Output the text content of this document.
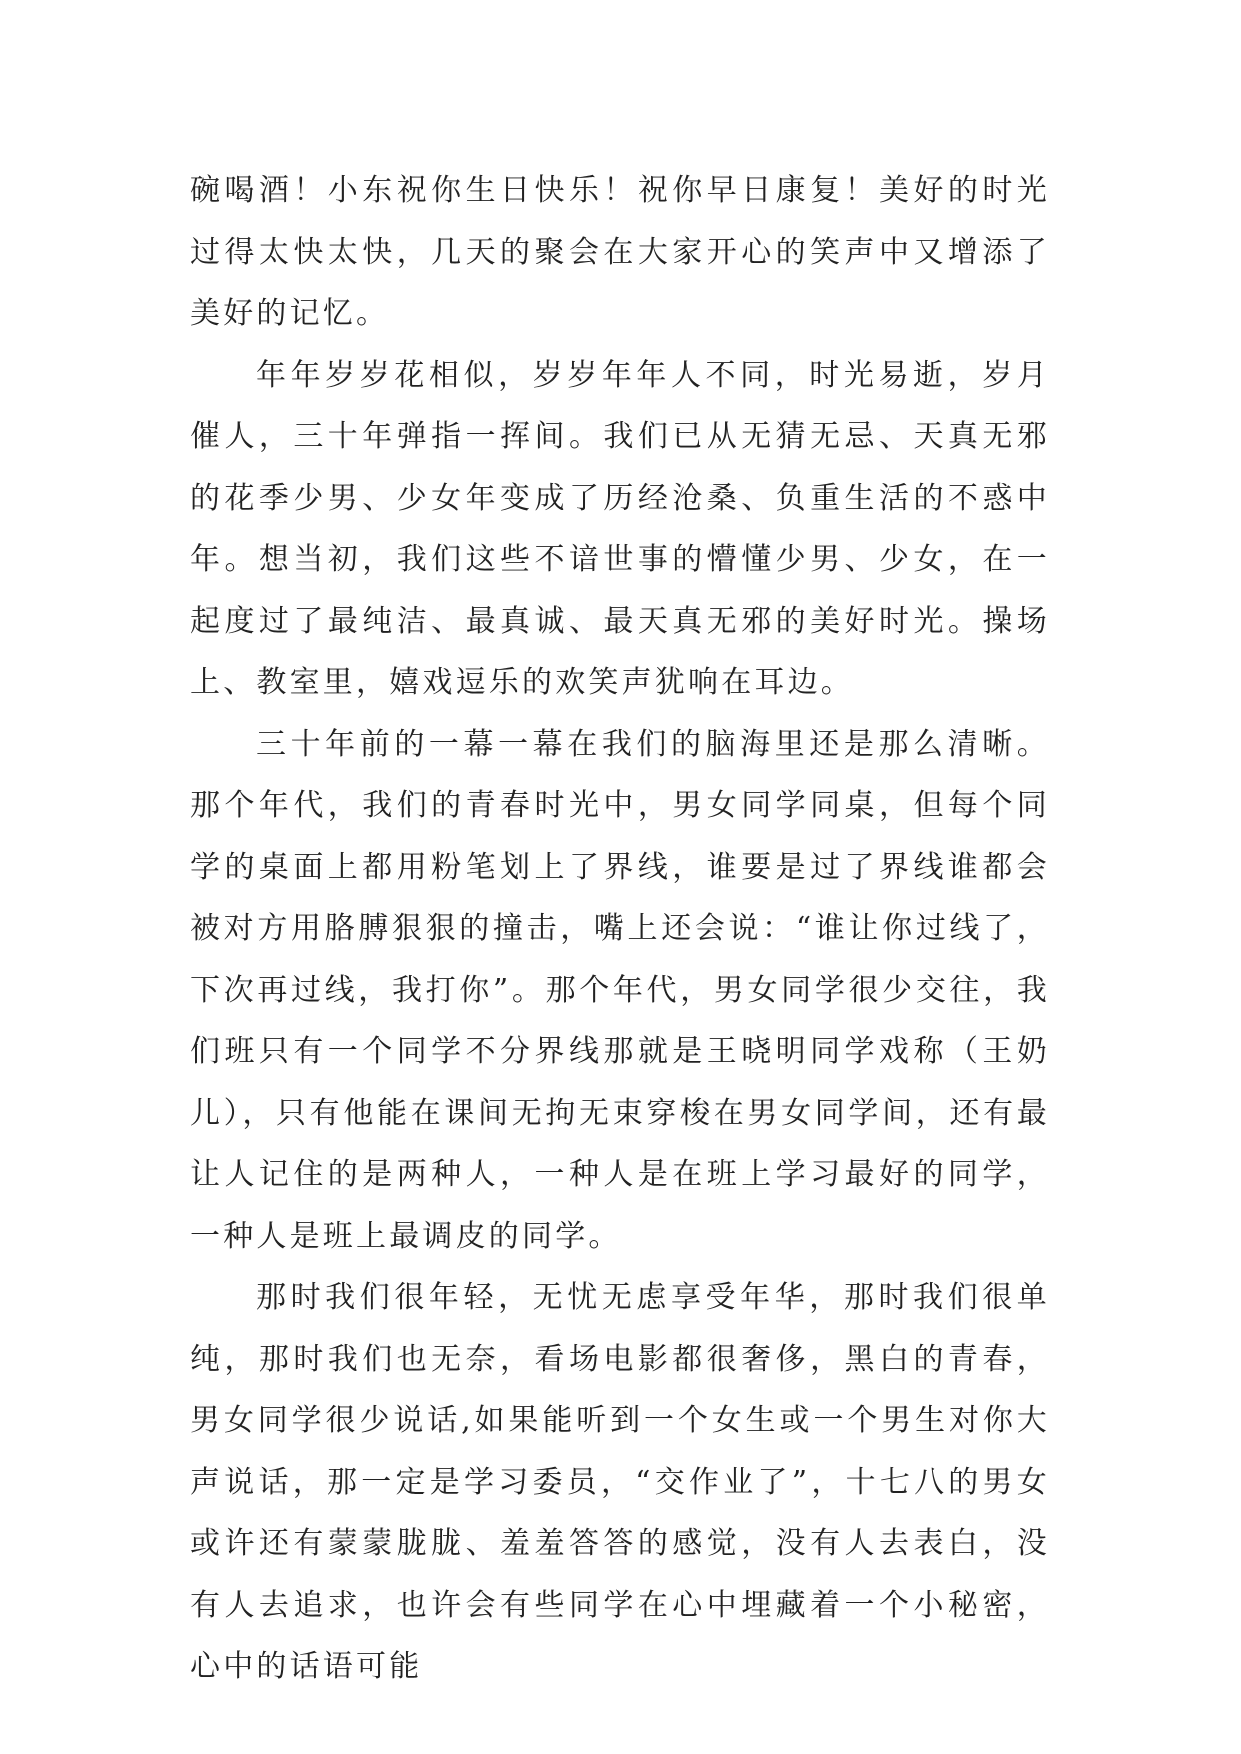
碗喝酒！小东祝你生日快乐！祝你早日康复！美好的时光过得太快太快，几天的聚会在大家开心的笑声中又增添了美好的记忆。

年年岁岁花相似，岁岁年年人不同，时光易逝，岁月催人，三十年弹指一挥间。我们已从无猜无忌、天真无邪的花季少男、少女年变成了历经沧桑、负重生活的不惑中年。想当初，我们这些不谙世事的懵懂少男、少女，在一起度过了最纯洁、最真诚、最天真无邪的美好时光。操场上、教室里，嬉戏逗乐的欢笑声犹响在耳边。

三十年前的一幕一幕在我们的脑海里还是那么清晰。那个年代，我们的青春时光中，男女同学同桌，但每个同学的桌面上都用粉笔划上了界线，谁要是过了界线谁都会被对方用胳膊狠狠的撞击，嘴上还会说：“谁让你过线了，下次再过线，我打你”。那个年代，男女同学很少交往，我们班只有一个同学不分界线那就是王晓明同学戏称（王奶儿），只有他能在课间无拘无束穿梭在男女同学间，还有最让人记住的是两种人，一种人是在班上学习最好的同学，一种人是班上最调皮的同学。

那时我们很年轻，无忧无虑享受年华，那时我们很单纯，那时我们也无奈，看场电影都很奢侈，黑白的青春，男女同学很少说话,如果能听到一个女生或一个男生对你大声说话，那一定是学习委员，“交作业了”，十七八的男女或许还有蒙蒙胧胧、羞羞答答的感觉，没有人去表白，没有人去追求，也许会有些同学在心中埋藏着一个小秘密，心中的话语可能
